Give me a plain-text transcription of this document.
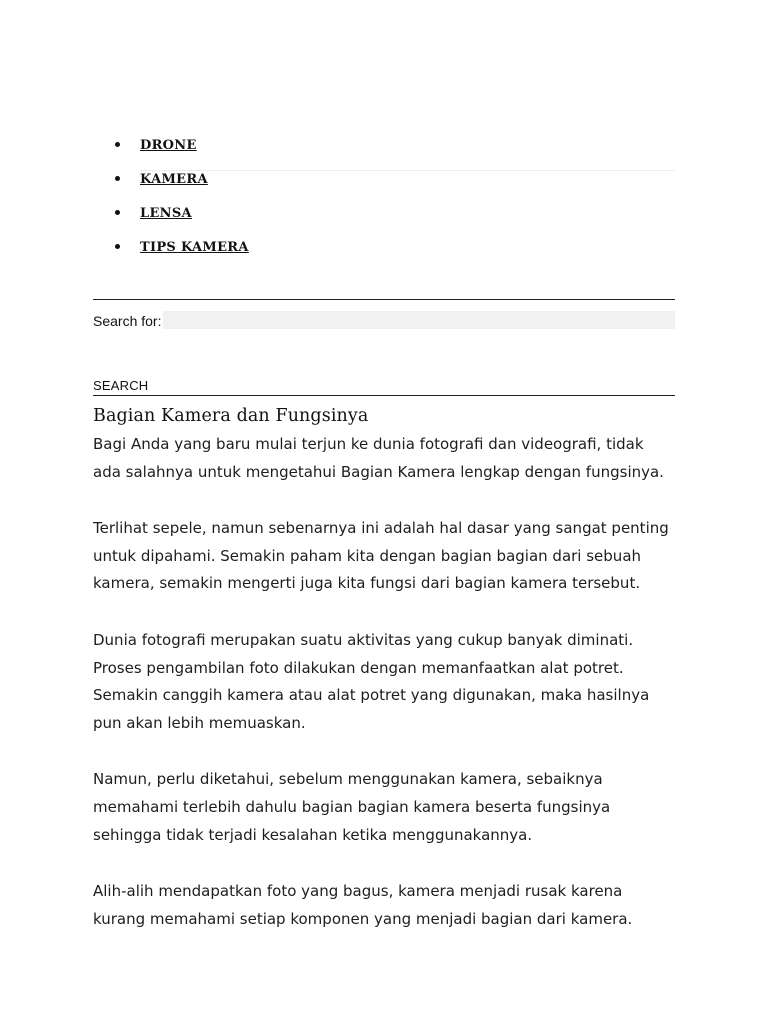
DRONE
KAMERA
LENSA
TIPS KAMERA
Search for:
SEARCH
Bagian Kamera dan Fungsinya

Bagi Anda yang baru mulai terjun ke dunia fotografi dan videografi, tidak ada salahnya untuk mengetahui Bagian Kamera lengkap dengan fungsinya.

Terlihat sepele, namun sebenarnya ini adalah hal dasar yang sangat penting untuk dipahami. Semakin paham kita dengan bagian bagian dari sebuah kamera, semakin mengerti juga kita fungsi dari bagian kamera tersebut.

Dunia fotografi merupakan suatu aktivitas yang cukup banyak diminati. Proses pengambilan foto dilakukan dengan memanfaatkan alat potret. Semakin canggih kamera atau alat potret yang digunakan, maka hasilnya pun akan lebih memuaskan.

Namun, perlu diketahui, sebelum menggunakan kamera, sebaiknya memahami terlebih dahulu bagian bagian kamera beserta fungsinya sehingga tidak terjadi kesalahan ketika menggunakannya.

Alih-alih mendapatkan foto yang bagus, kamera menjadi rusak karena kurang memahami setiap komponen yang menjadi bagian dari kamera.
